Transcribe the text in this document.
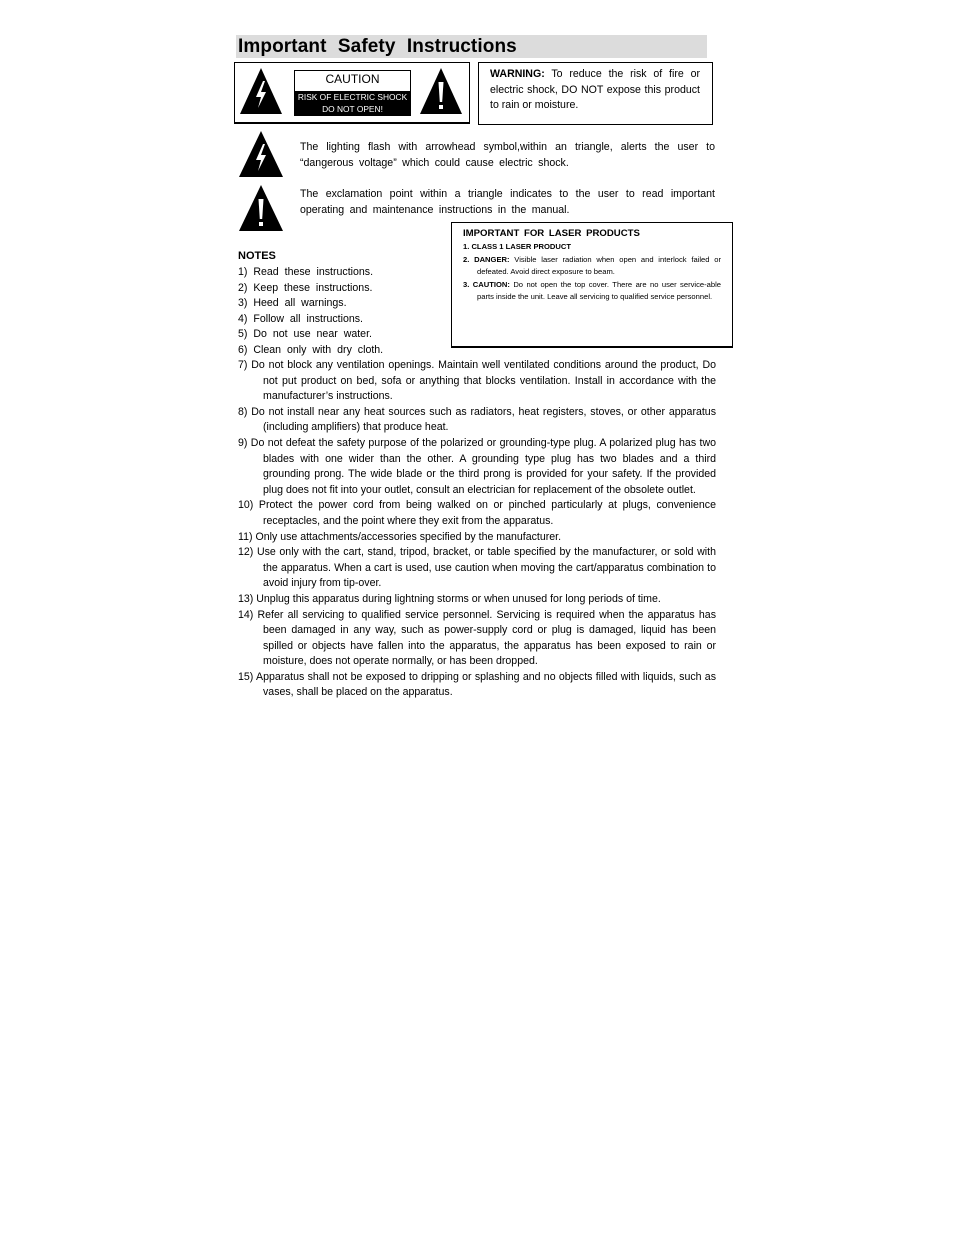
Important Safety Instructions
CAUTION
RISK OF ELECTRIC SHOCK
DO NOT OPEN!
WARNING: To reduce the risk of fire or electric shock, DO NOT expose this product to rain or moisture.
The lighting flash with arrowhead symbol,within an triangle, alerts the user to “dangerous voltage” which could cause electric shock.
The exclamation point within a triangle indicates to the user to read important operating and maintenance instructions in the manual.
IMPORTANT FOR LASER PRODUCTS
1. CLASS 1 LASER PRODUCT
2. DANGER: Visible laser radiation when open and interlock failed or defeated. Avoid direct exposure to beam.
3. CAUTION: Do not open the top cover. There are no user service-able parts inside the unit. Leave all servicing to qualified service personnel.
NOTES
1) Read these instructions.
2) Keep these instructions.
3) Heed all warnings.
4) Follow all instructions.
5) Do not use near water.
6) Clean only with dry cloth.

7) Do not block any ventilation openings. Maintain well ventilated conditions around the product, Do not put product on bed, sofa or anything that blocks ventilation. Install in accordance with the manufacturer’s instructions.

8) Do not install near any heat sources such as radiators, heat registers, stoves, or other apparatus (including amplifiers) that produce heat.

9) Do not defeat the safety purpose of the polarized or grounding-type plug. A polarized plug has two blades with one wider than the other. A grounding type plug has two blades and a third grounding prong. The wide blade or the third prong is provided for your safety. If the provided plug does not fit into your outlet, consult an electrician for replacement of the obsolete outlet.

10) Protect the power cord from being walked on or pinched particularly at plugs, convenience receptacles, and the point where they exit from the apparatus.

11) Only use attachments/accessories specified by the manufacturer.

12) Use only with the cart, stand, tripod, bracket, or table specified by the manufacturer, or sold with the apparatus. When a cart is used, use caution when moving the cart/apparatus combination to avoid injury from tip-over.

13) Unplug this apparatus during lightning storms or when unused for long periods of time.

14) Refer all servicing to qualified service personnel. Servicing is required when the apparatus has been damaged in any way, such as power-supply cord or plug is damaged, liquid has been spilled or objects have fallen into the apparatus, the apparatus has been exposed to rain or moisture, does not operate normally, or has been dropped.

15) Apparatus shall not be exposed to dripping or splashing and no objects filled with liquids, such as vases, shall be placed on the apparatus.
